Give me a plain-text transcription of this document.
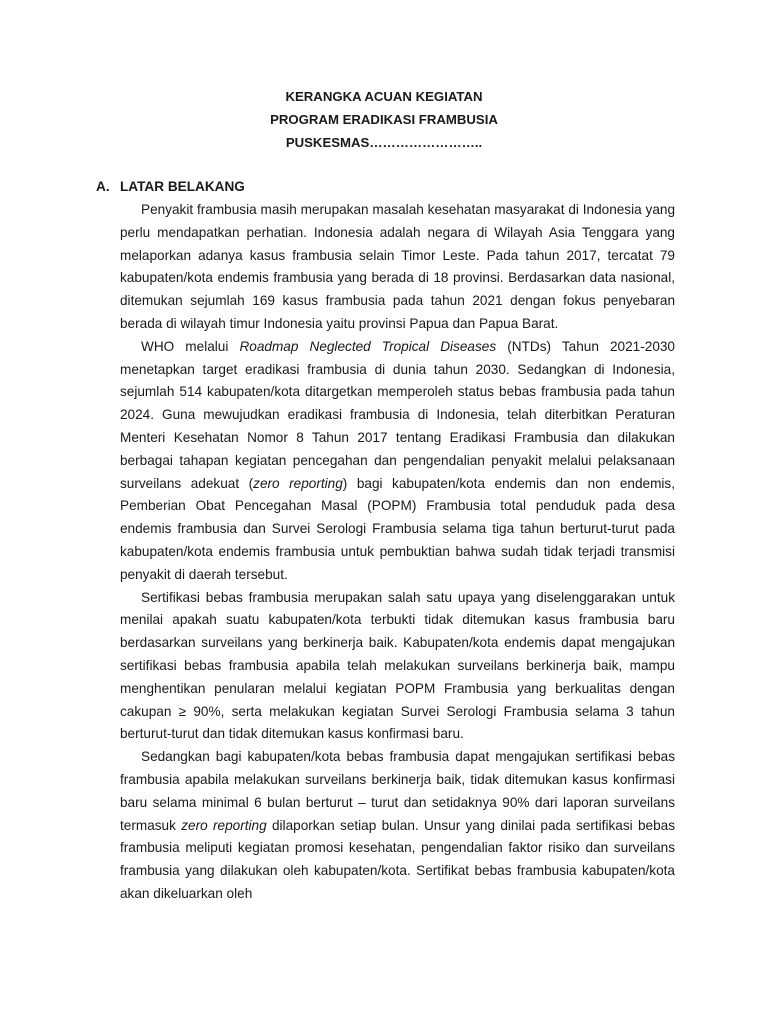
KERANGKA ACUAN KEGIATAN
PROGRAM ERADIKASI FRAMBUSIA
PUSKESMAS……………………..
A. LATAR BELAKANG

Penyakit frambusia masih merupakan masalah kesehatan masyarakat di Indonesia yang perlu mendapatkan perhatian. Indonesia adalah negara di Wilayah Asia Tenggara yang melaporkan adanya kasus frambusia selain Timor Leste. Pada tahun 2017, tercatat 79 kabupaten/kota endemis frambusia yang berada di 18 provinsi. Berdasarkan data nasional, ditemukan sejumlah 169 kasus frambusia pada tahun 2021 dengan fokus penyebaran berada di wilayah timur Indonesia yaitu provinsi Papua dan Papua Barat.

WHO melalui Roadmap Neglected Tropical Diseases (NTDs) Tahun 2021-2030 menetapkan target eradikasi frambusia di dunia tahun 2030. Sedangkan di Indonesia, sejumlah 514 kabupaten/kota ditargetkan memperoleh status bebas frambusia pada tahun 2024. Guna mewujudkan eradikasi frambusia di Indonesia, telah diterbitkan Peraturan Menteri Kesehatan Nomor 8 Tahun 2017 tentang Eradikasi Frambusia dan dilakukan berbagai tahapan kegiatan pencegahan dan pengendalian penyakit melalui pelaksanaan surveilans adekuat (zero reporting) bagi kabupaten/kota endemis dan non endemis, Pemberian Obat Pencegahan Masal (POPM) Frambusia total penduduk pada desa endemis frambusia dan Survei Serologi Frambusia selama tiga tahun berturut-turut pada kabupaten/kota endemis frambusia untuk pembuktian bahwa sudah tidak terjadi transmisi penyakit di daerah tersebut.

Sertifikasi bebas frambusia merupakan salah satu upaya yang diselenggarakan untuk menilai apakah suatu kabupaten/kota terbukti tidak ditemukan kasus frambusia baru berdasarkan surveilans yang berkinerja baik. Kabupaten/kota endemis dapat mengajukan sertifikasi bebas frambusia apabila telah melakukan surveilans berkinerja baik, mampu menghentikan penularan melalui kegiatan POPM Frambusia yang berkualitas dengan cakupan ≥ 90%, serta melakukan kegiatan Survei Serologi Frambusia selama 3 tahun berturut-turut dan tidak ditemukan kasus konfirmasi baru.

Sedangkan bagi kabupaten/kota bebas frambusia dapat mengajukan sertifikasi bebas frambusia apabila melakukan surveilans berkinerja baik, tidak ditemukan kasus konfirmasi baru selama minimal 6 bulan berturut – turut dan setidaknya 90% dari laporan surveilans termasuk zero reporting dilaporkan setiap bulan. Unsur yang dinilai pada sertifikasi bebas frambusia meliputi kegiatan promosi kesehatan, pengendalian faktor risiko dan surveilans frambusia yang dilakukan oleh kabupaten/kota. Sertifikat bebas frambusia kabupaten/kota akan dikeluarkan oleh
